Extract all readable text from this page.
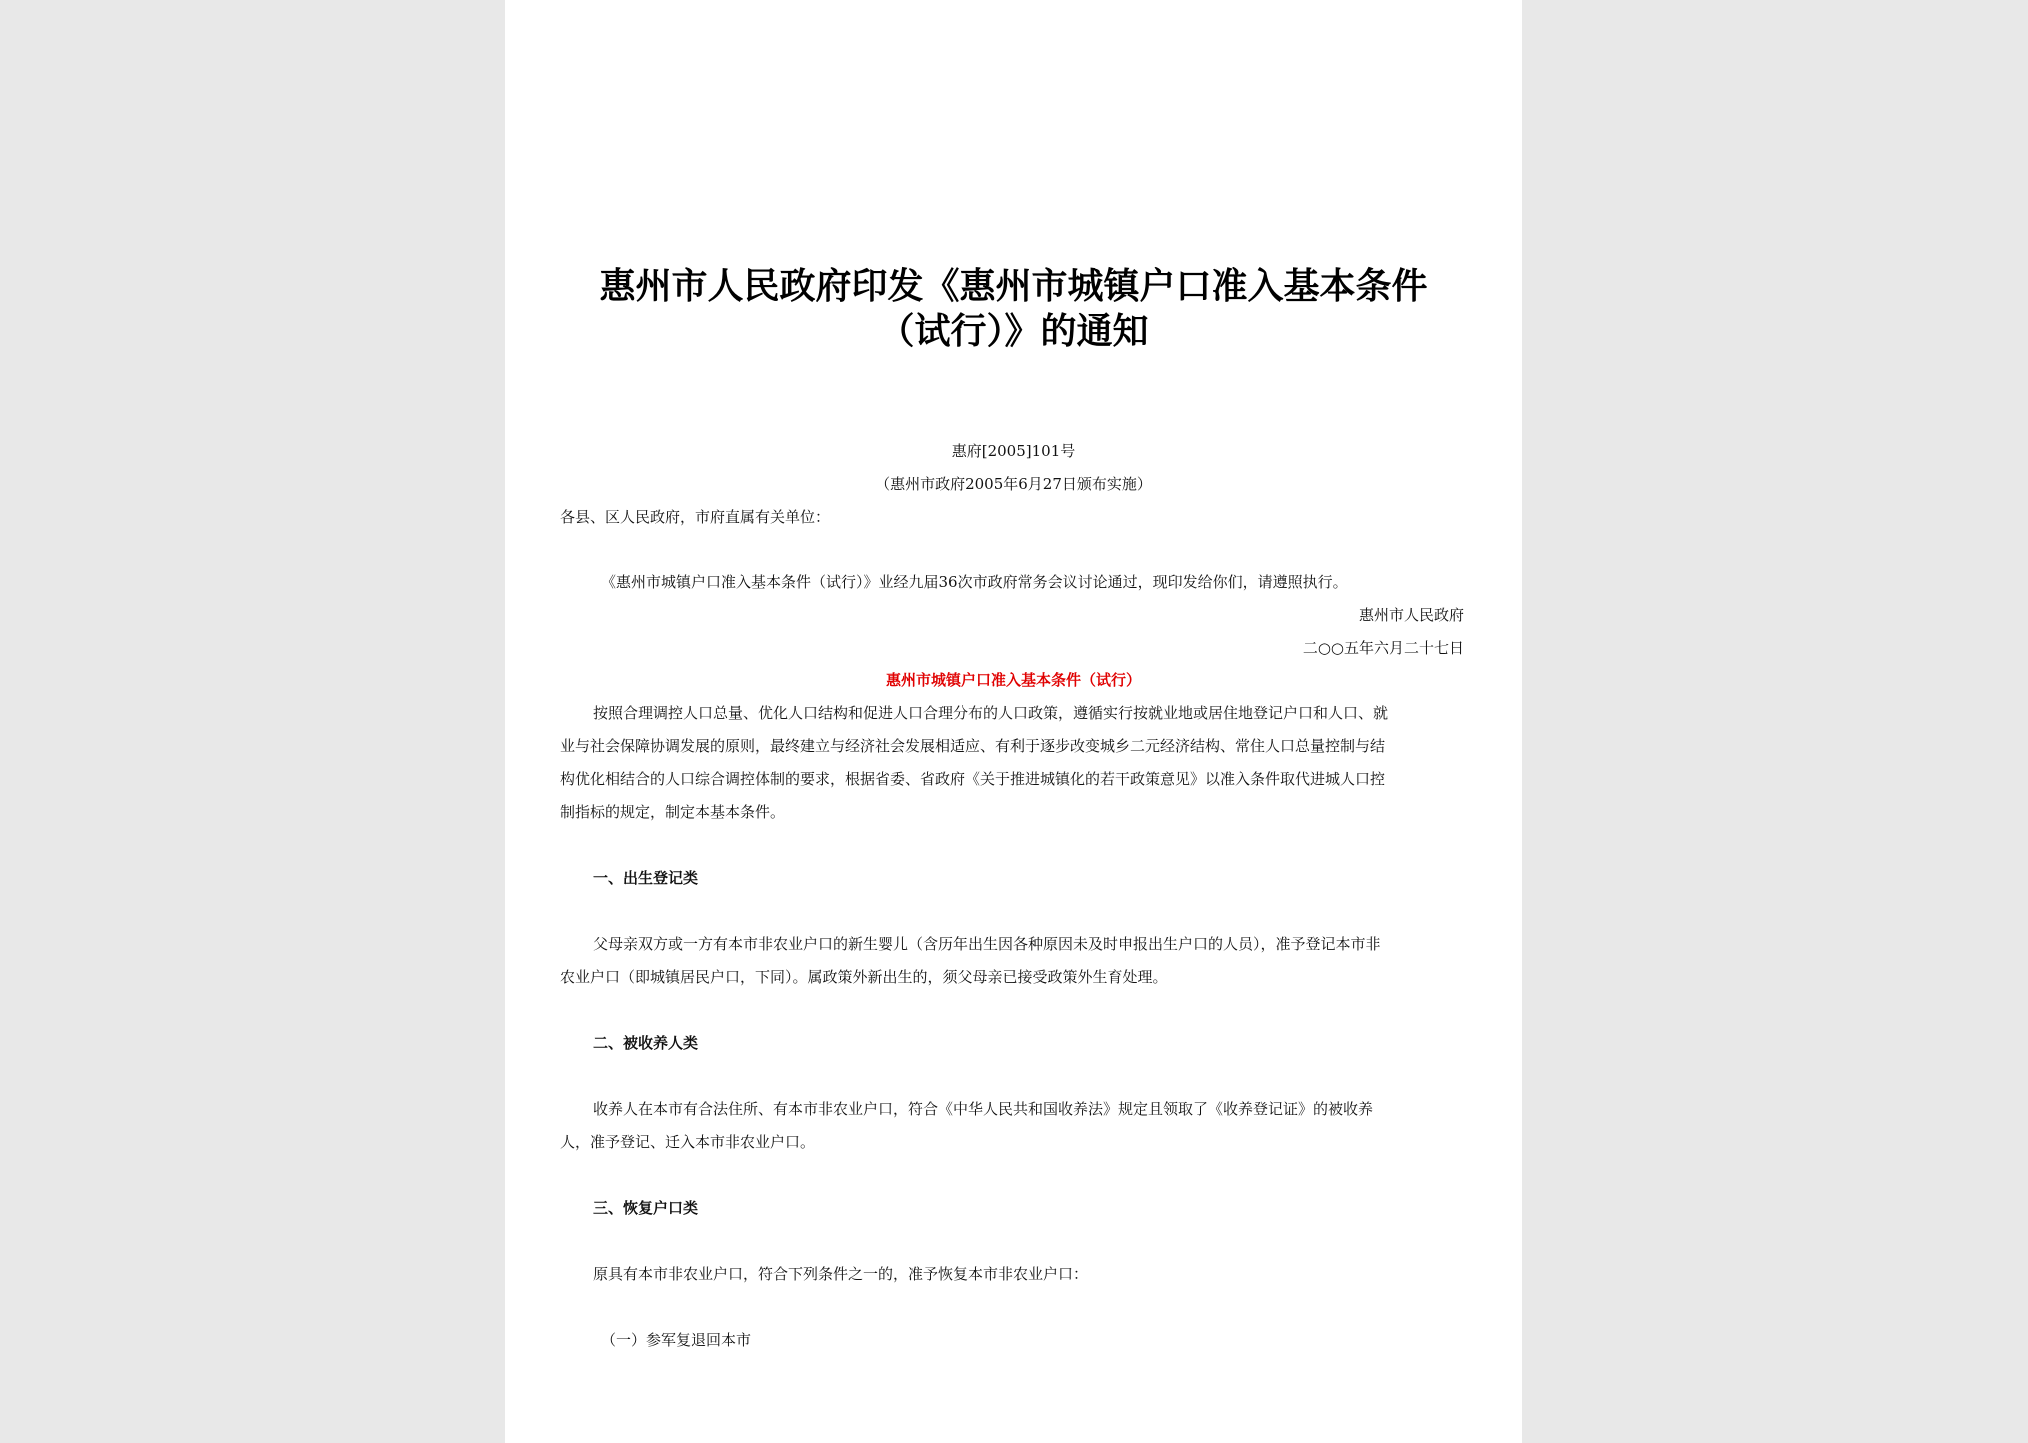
惠州市人民政府印发《惠州市城镇户口准入基本条件
（试行）》的通知
惠府[2005]101号
（惠州市政府2005年6月27日颁布实施）
各县、区人民政府，市府直属有关单位：
《惠州市城镇户口准入基本条件（试行）》业经九届36次市政府常务会议讨论通过，现印发给你们，请遵照执行。
惠州市人民政府
二○○五年六月二十七日
惠州市城镇户口准入基本条件（试行）
按照合理调控人口总量、优化人口结构和促进人口合理分布的人口政策，遵循实行按就业地或居住地登记户口和人口、就
业与社会保障协调发展的原则，最终建立与经济社会发展相适应、有利于逐步改变城乡二元经济结构、常住人口总量控制与结
构优化相结合的人口综合调控体制的要求，根据省委、省政府《关于推进城镇化的若干政策意见》以准入条件取代进城人口控
制指标的规定，制定本基本条件。
一、出生登记类
父母亲双方或一方有本市非农业户口的新生婴儿（含历年出生因各种原因未及时申报出生户口的人员），准予登记本市非
农业户口（即城镇居民户口，下同）。属政策外新出生的，须父母亲已接受政策外生育处理。
二、被收养人类
收养人在本市有合法住所、有本市非农业户口，符合《中华人民共和国收养法》规定且领取了《收养登记证》的被收养
人，准予登记、迁入本市非农业户口。
三、恢复户口类
原具有本市非农业户口，符合下列条件之一的，准予恢复本市非农业户口：
（一）参军复退回本市
